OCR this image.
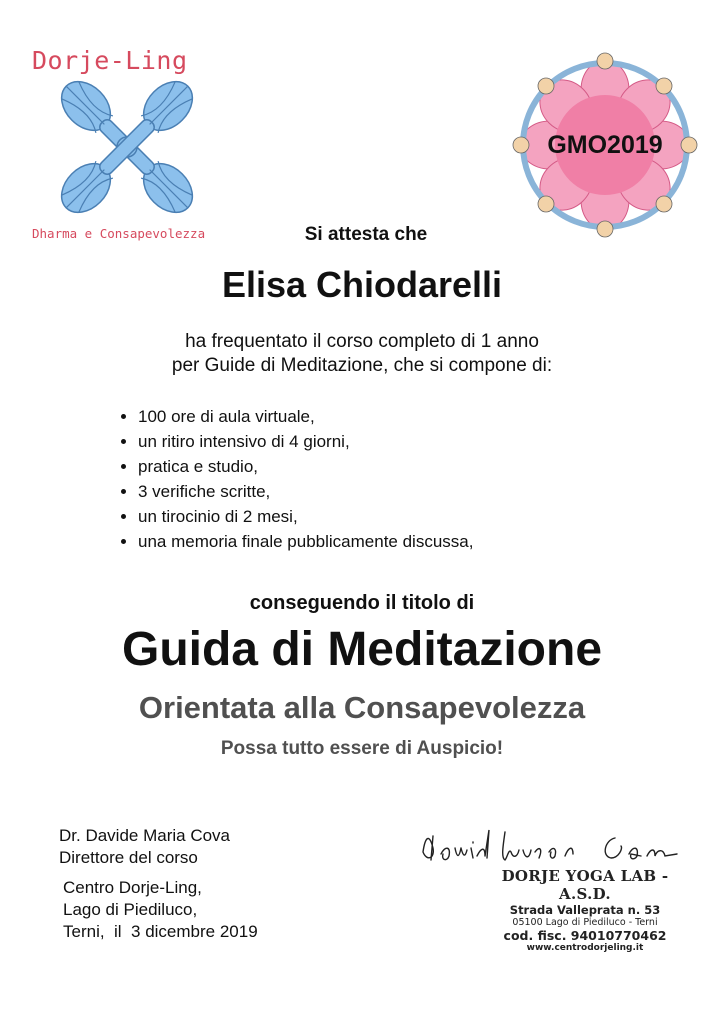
Dorje-Ling
Dharma e Consapevolezza
GMO2019
Si attesta che
Elisa Chiodarelli
ha frequentato il corso completo di 1 anno
per Guide di Meditazione, che si compone di:
• 100 ore di aula virtuale,
• un ritiro intensivo di 4 giorni,
• pratica e studio,
• 3 verifiche scritte,
• un tirocinio di 2 mesi,
• una memoria finale pubblicamente discussa,
conseguendo il titolo di
Guida di Meditazione
Orientata alla Consapevolezza
Possa tutto essere di Auspicio!
Dr. Davide Maria Cova
Direttore del corso
Centro Dorje-Ling,
Lago di Piediluco,
Terni,  il  3 dicembre 2019
DORJE YOGA LAB - A.S.D.
Strada Valleprata n. 53
05100 Lago di Piediluco - Terni
cod. fisc. 94010770462
www.centrodorjeling.it
